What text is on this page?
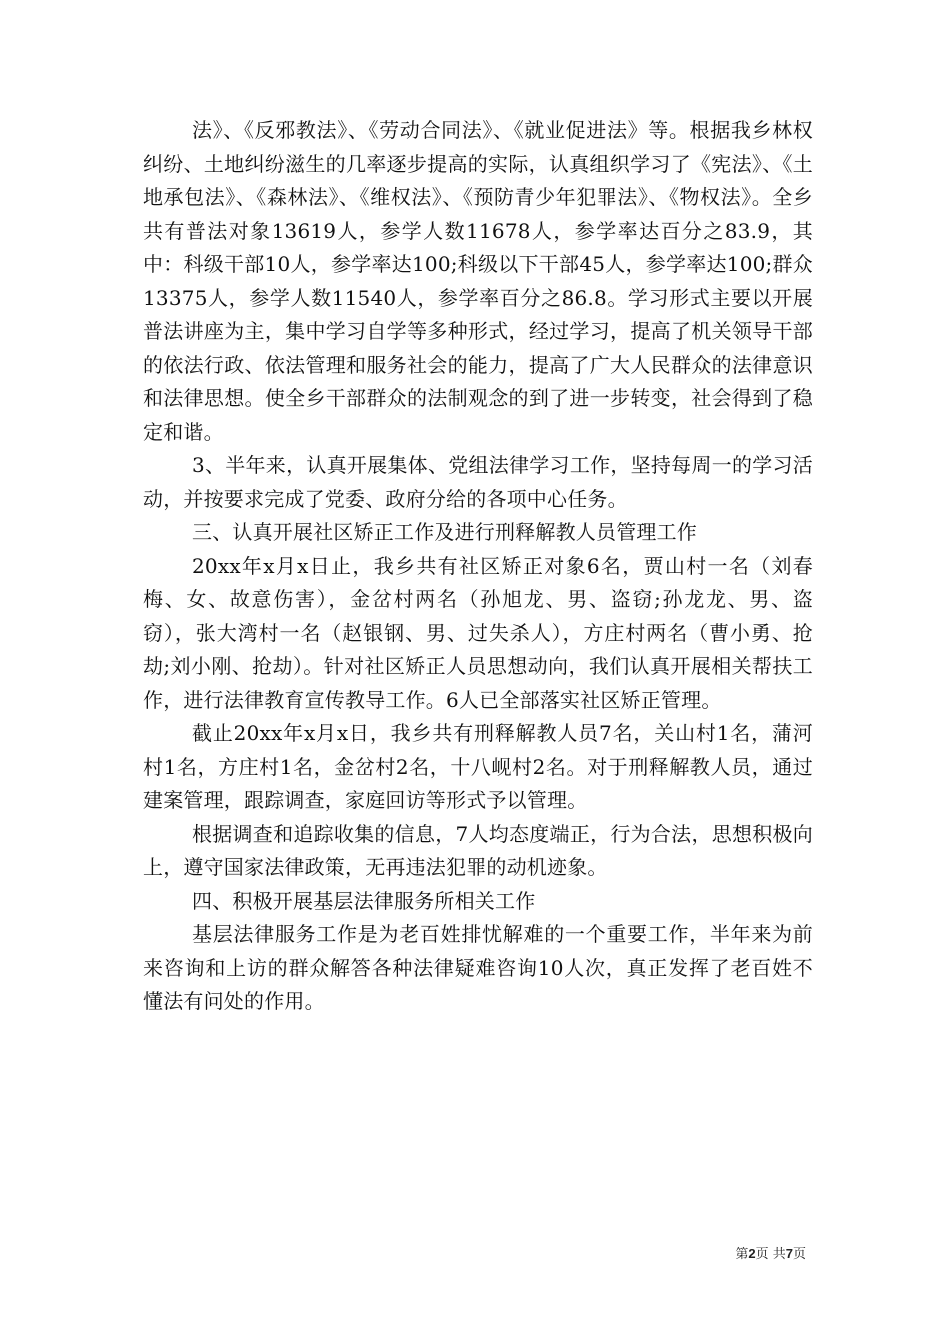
法》、《反邪教法》、《劳动合同法》、《就业促进法》等。根据我乡林权纠纷、土地纠纷滋生的几率逐步提高的实际，认真组织学习了《宪法》、《土地承包法》、《森林法》、《维权法》、《预防青少年犯罪法》、《物权法》。全乡共有普法对象13619人，参学人数11678人，参学率达百分之83.9，其中：科级干部10人，参学率达100;科级以下干部45人，参学率达100;群众13375人，参学人数11540人，参学率百分之86.8。学习形式主要以开展普法讲座为主，集中学习自学等多种形式，经过学习，提高了机关领导干部的依法行政、依法管理和服务社会的能力，提高了广大人民群众的法律意识和法律思想。使全乡干部群众的法制观念的到了进一步转变，社会得到了稳定和谐。

3、半年来，认真开展集体、党组法律学习工作，坚持每周一的学习活动，并按要求完成了党委、政府分给的各项中心任务。

三、认真开展社区矫正工作及进行刑释解教人员管理工作

20xx年x月x日止，我乡共有社区矫正对象6名，贾山村一名（刘春梅、女、故意伤害），金岔村两名（孙旭龙、男、盗窃;孙龙龙、男、盗窃），张大湾村一名（赵银钢、男、过失杀人），方庄村两名（曹小勇、抢劫;刘小刚、抢劫）。针对社区矫正人员思想动向，我们认真开展相关帮扶工作，进行法律教育宣传教导工作。6人已全部落实社区矫正管理。

截止20xx年x月x日，我乡共有刑释解教人员7名，关山村1名，蒲河村1名，方庄村1名，金岔村2名，十八岘村2名。对于刑释解教人员，通过建案管理，跟踪调查，家庭回访等形式予以管理。

根据调查和追踪收集的信息，7人均态度端正，行为合法，思想积极向上，遵守国家法律政策，无再违法犯罪的动机迹象。

四、积极开展基层法律服务所相关工作

基层法律服务工作是为老百姓排忧解难的一个重要工作，半年来为前来咨询和上访的群众解答各种法律疑难咨询10人次，真正发挥了老百姓不懂法有问处的作用。

第2页 共7页
